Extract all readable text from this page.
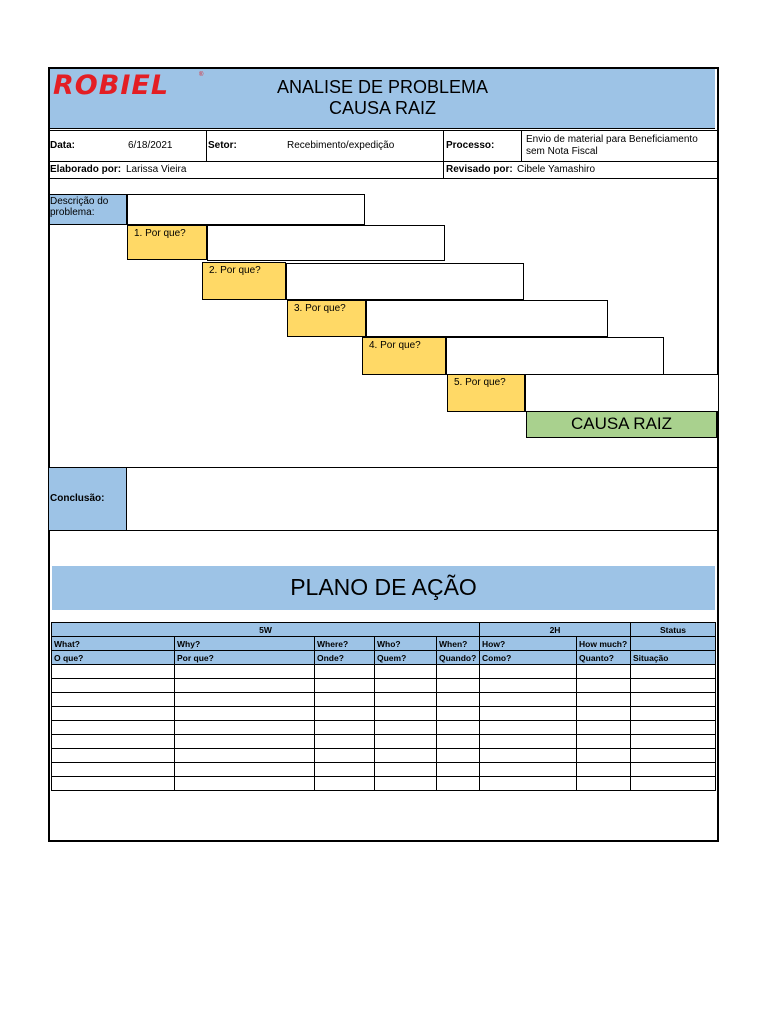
ROBIEL	®
ANALISE DE PROBLEMA
CAUSA RAIZ
Data:	6/18/2021	Setor:	Recebimento/expedição	Processo:
Envio de material para Beneficiamento
sem Nota Fiscal
Elaborado por: Larissa Vieira	Revisado por: Cibele Yamashiro
Descrição do
problema:
1. Por que?
2. Por que?
3. Por que?
4. Por que?
5. Por que?
CAUSA RAIZ
Conclusão:
PLANO DE AÇÃO
5W					2H		Status
What?	Why?	Where?	Who?	When?	How?	How much?	
O que?	Por que?	Onde?	Quem?	Quando?	Como?	Quanto?	Situação
